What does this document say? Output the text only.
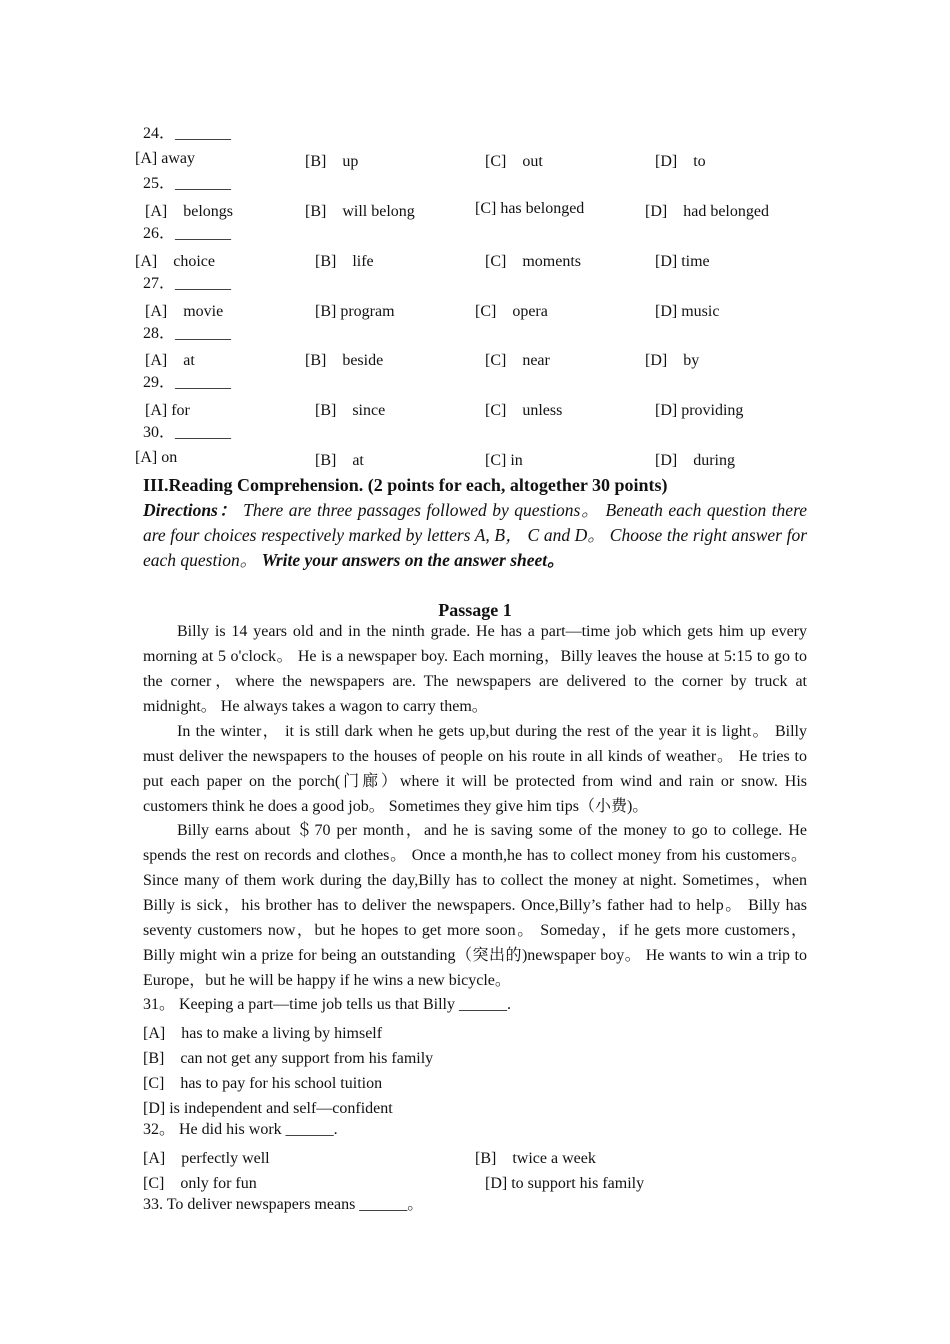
24．_______
[A] away	[B]　up	[C]　out	[D]　to
25．_______
[A]　belongs	[B]　will belong	[C] has belonged	[D]　had belonged
26．_______
[A]　choice	[B]　life	[C]　moments	[D] time
27．_______
[A]　movie	[B] program	[C]　opera	[D] music
28．_______
[A]　at	[B]　beside	[C]　near	[D]　by
29．_______
[A] for	[B]　since	[C]　unless	[D] providing
30．_______
[A] on	[B]　at	[C] in	[D]　during
III.Reading Comprehension. (2 points for each, altogether 30 points)
Directions： There are three passages followed by questions。 Beneath each question there are four choices respectively marked by letters A, B， C and D。 Choose the right answer for each question。 Write your answers on the answer sheet。
Passage 1
Billy is 14 years old and in the ninth grade. He has a part—time job which gets him up every morning at 5 o'clock。 He is a newspaper boy. Each morning，Billy leaves the house at 5:15 to go to the corner，where the newspapers are. The newspapers are delivered to the corner by truck at midnight。 He always takes a wagon to carry them。
In the winter， it is still dark when he gets up,but during the rest of the year it is light。 Billy must deliver the newspapers to the houses of people on his route in all kinds of weather。 He tries to put each paper on the porch(门廊）where it will be protected from wind and rain or snow. His customers think he does a good job。 Sometimes they give him tips（小费)。
Billy earns about ＄70 per month，and he is saving some of the money to go to college. He spends the rest on records and clothes。 Once a month,he has to collect money from his customers。 Since many of them work during the day,Billy has to collect the money at night. Sometimes，when Billy is sick，his brother has to deliver the newspapers. Once,Billy’s father had to help。 Billy has seventy customers now，but he hopes to get more soon。 Someday，if he gets more customers，Billy might win a prize for being an outstanding（突出的)newspaper boy。 He wants to win a trip to Europe，but he will be happy if he wins a new bicycle。
31。 Keeping a part—time job tells us that Billy ______.
[A]　has to make a living by himself
[B]　can not get any support from his family
[C]　has to pay for his school tuition
[D] is independent and self—confident
32。 He did his work ______.
[A]　perfectly well	[B]　twice a week
[C]　only for fun	[D] to support his family
33. To deliver newspapers means ______。
